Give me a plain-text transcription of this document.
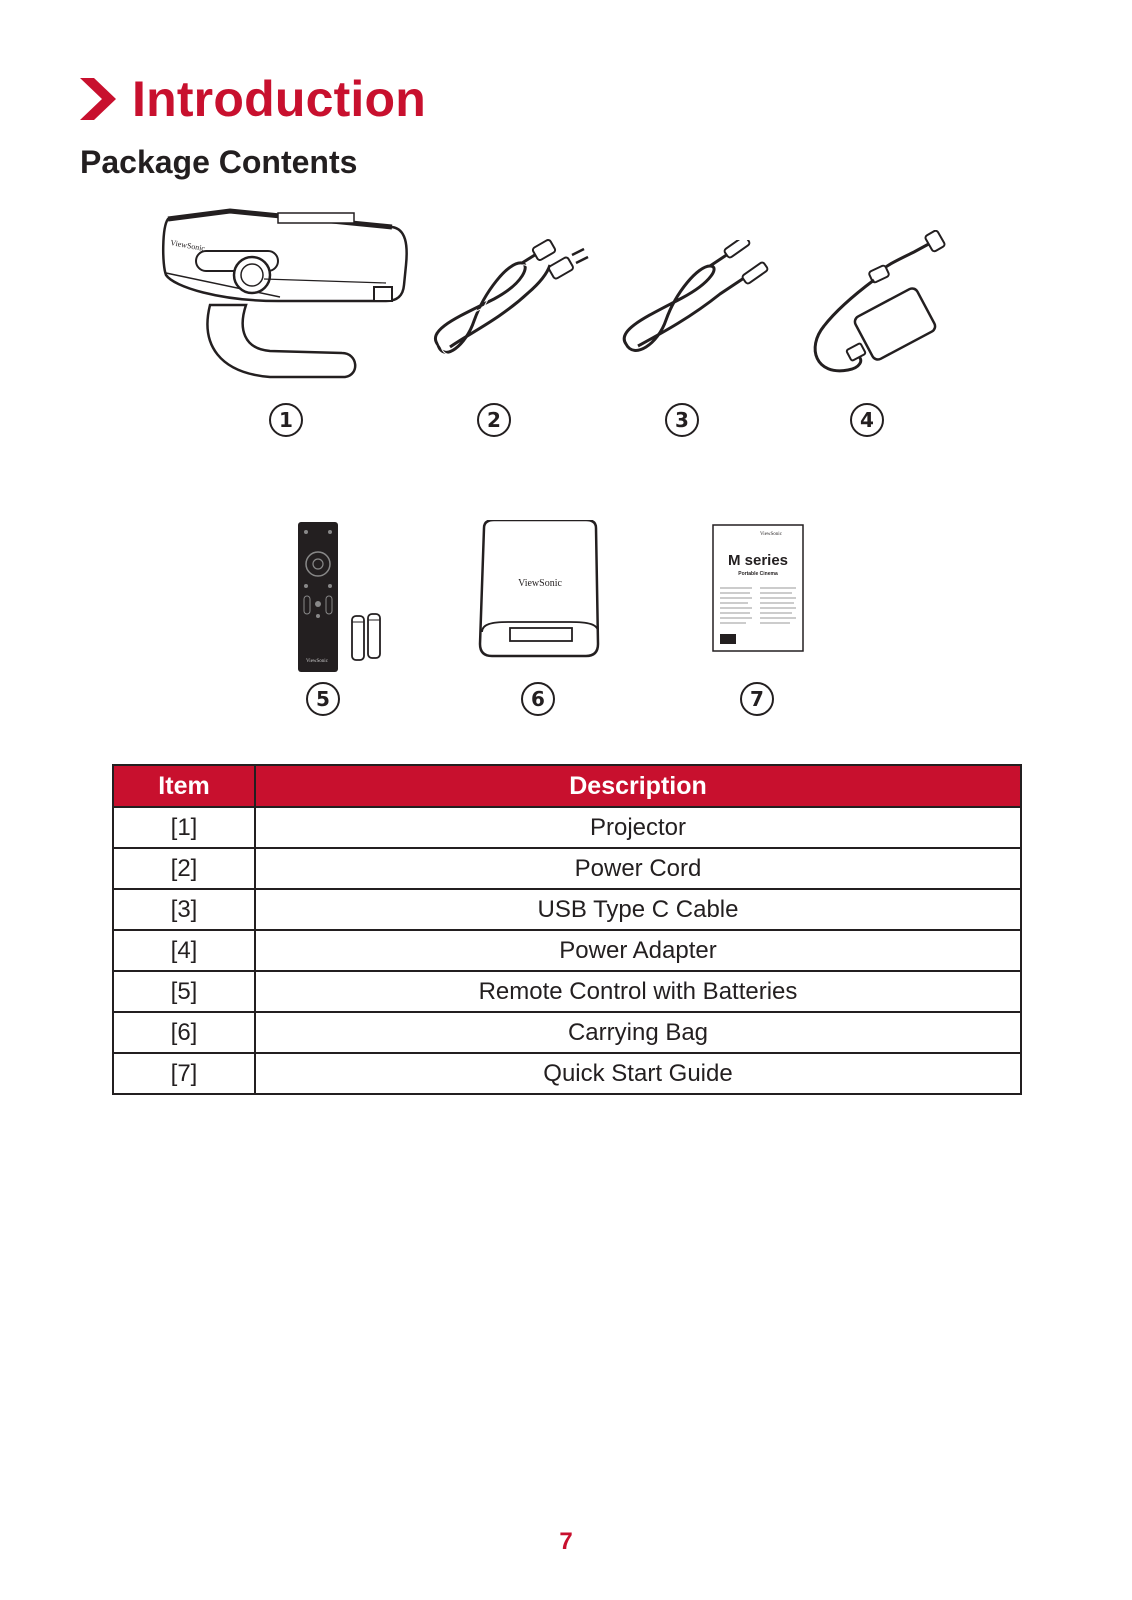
Introduction
Package Contents
ViewSonic
ViewSonic
ViewSonic
ViewSonic
M series
Portable Cinema
1	2	3	4
5	6	7
Item	Description
[1]	Projector
[2]	Power Cord
[3]	USB Type C Cable
[4]	Power Adapter
[5]	Remote Control with Batteries
[6]	Carrying Bag
[7]	Quick Start Guide
7
